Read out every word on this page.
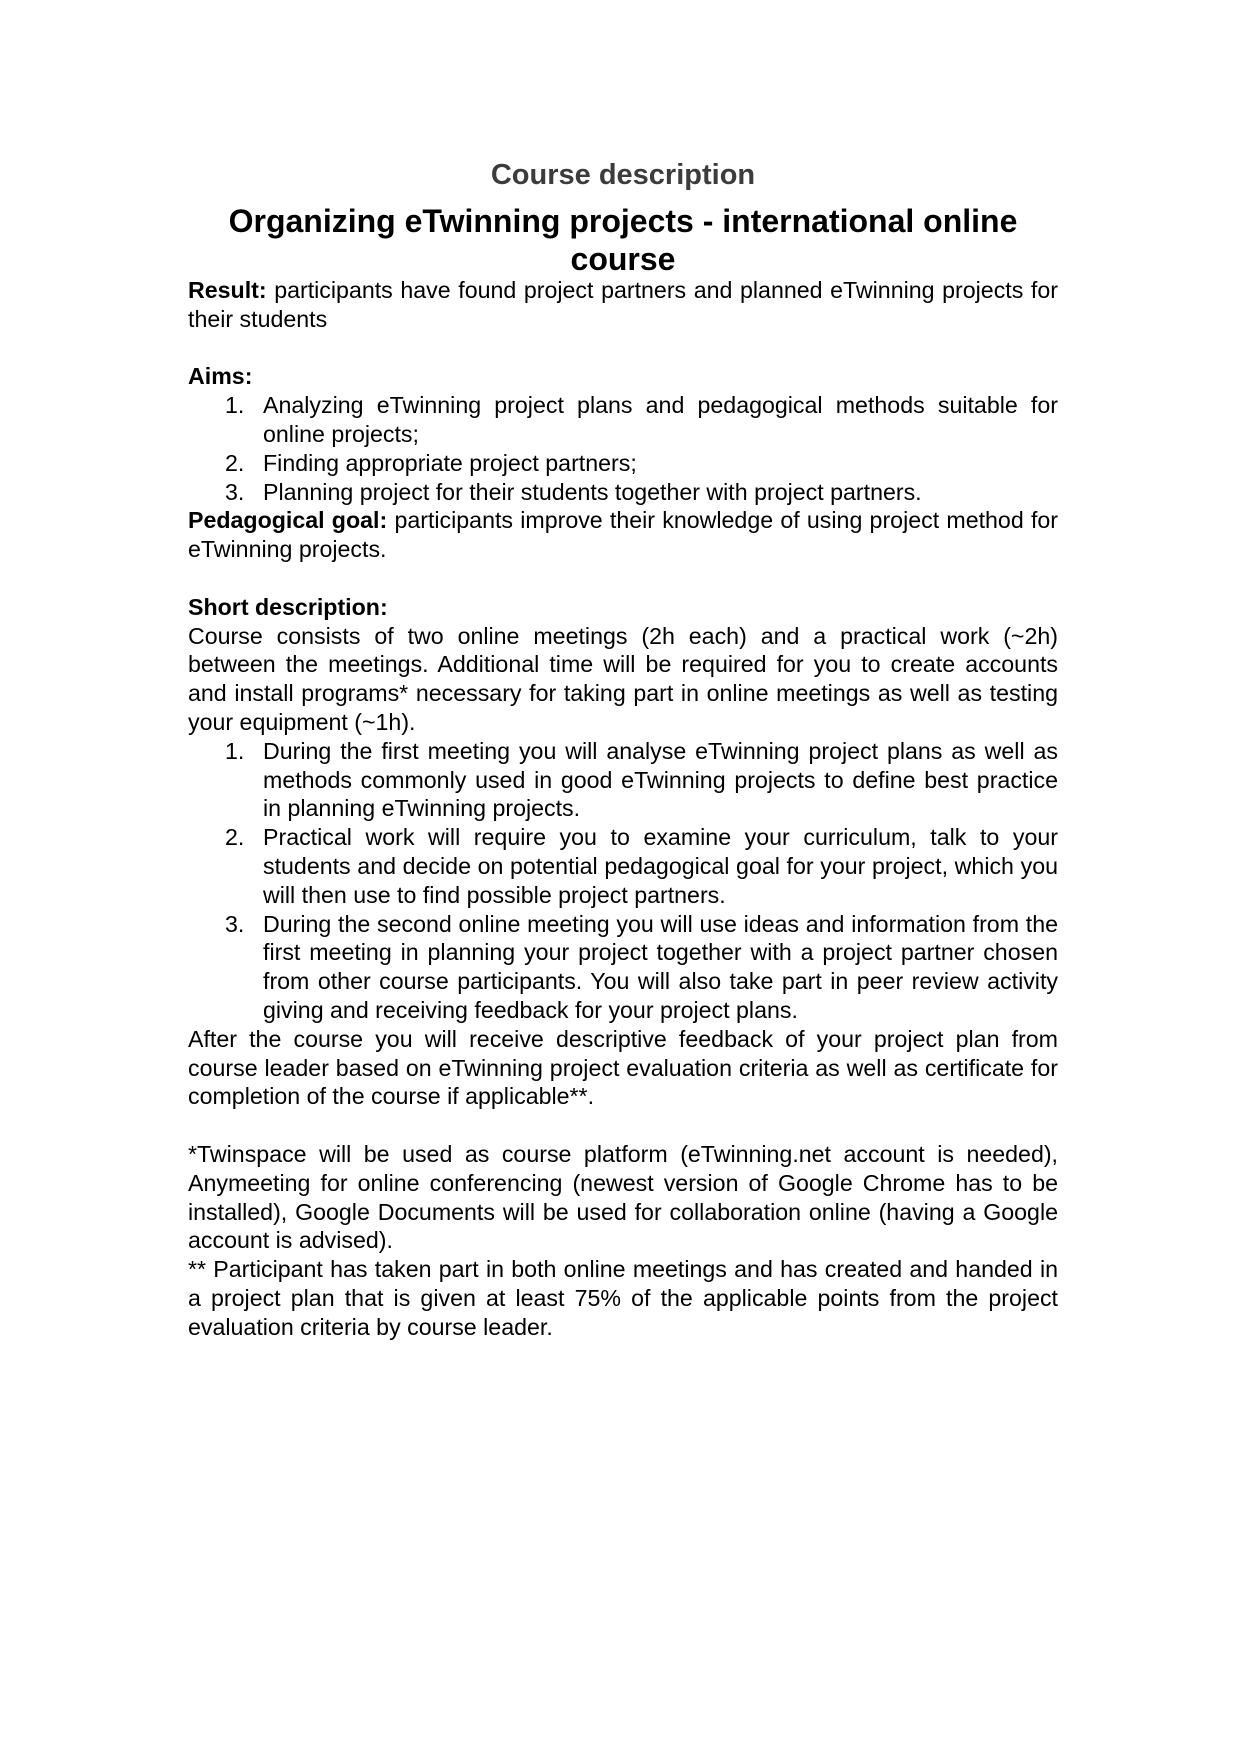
Course description
Organizing eTwinning projects - international online course

Result: participants have found project partners and planned eTwinning projects for their students

Aims:

1. Analyzing eTwinning project plans and pedagogical methods suitable for online projects;
2. Finding appropriate project partners;
3. Planning project for their students together with project partners.

Pedagogical goal: participants improve their knowledge of using project method for eTwinning projects.

Short description:

Course consists of two online meetings (2h each) and a practical work (~2h) between the meetings. Additional time will be required for you to create accounts and install programs* necessary for taking part in online meetings as well as testing your equipment (~1h).

1. During the first meeting you will analyse eTwinning project plans as well as methods commonly used in good eTwinning projects to define best practice in planning eTwinning projects.
2. Practical work will require you to examine your curriculum, talk to your students and decide on potential pedagogical goal for your project, which you will then use to find possible project partners.
3. During the second online meeting you will use ideas and information from the first meeting in planning your project together with a project partner chosen from other course participants. You will also take part in peer review activity giving and receiving feedback for your project plans.

After the course you will receive descriptive feedback of your project plan from course leader based on eTwinning project evaluation criteria as well as certificate for completion of the course if applicable**.

*Twinspace will be used as course platform (eTwinning.net account is needed), Anymeeting for online conferencing (newest version of Google Chrome has to be installed), Google Documents will be used for collaboration online (having a Google account is advised).

** Participant has taken part in both online meetings and has created and handed in a project plan that is given at least 75% of the applicable points from the project evaluation criteria by course leader.
